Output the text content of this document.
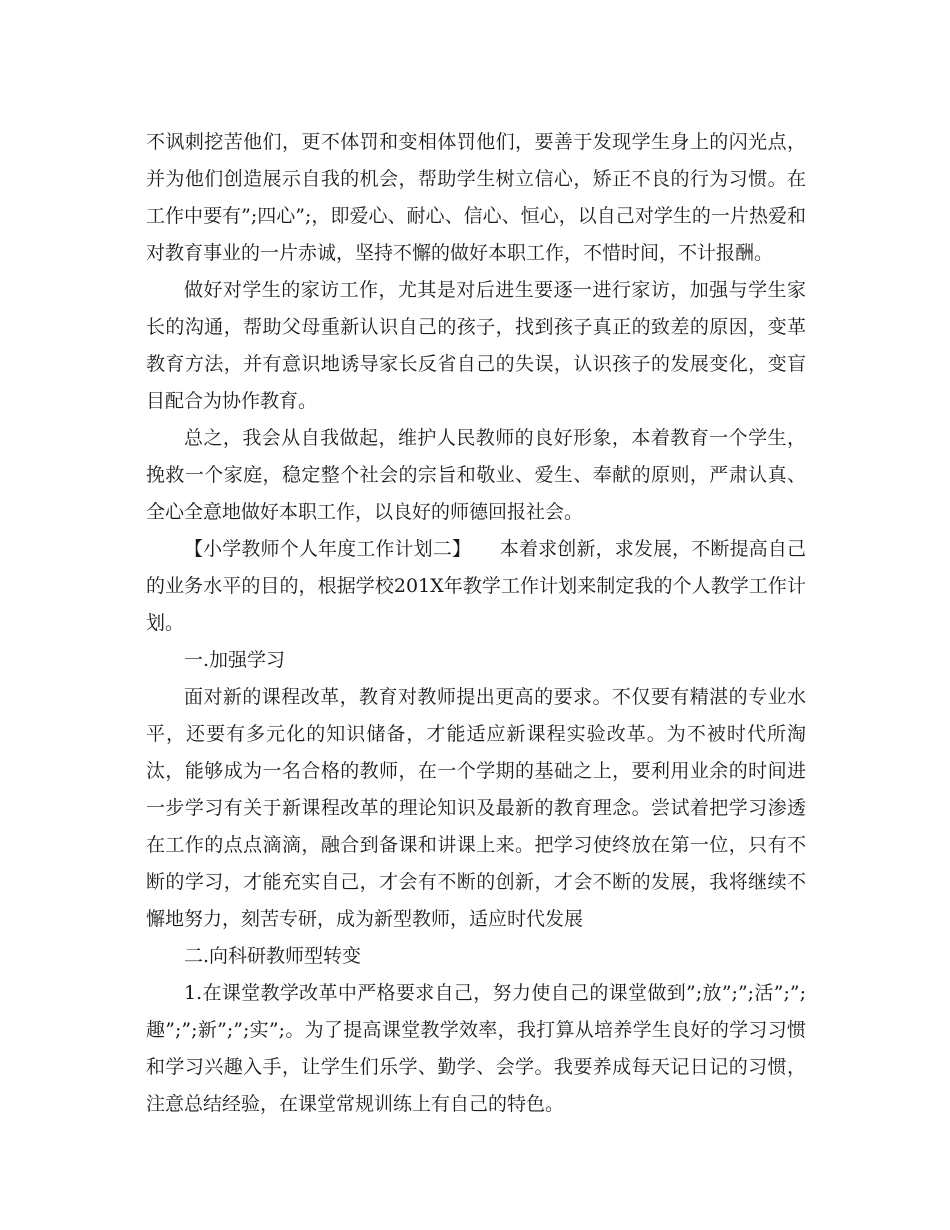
不讽刺挖苦他们，更不体罚和变相体罚他们，要善于发现学生身上的闪光点，并为他们创造展示自我的机会，帮助学生树立信心，矫正不良的行为习惯。在工作中要有”;四心”;，即爱心、耐心、信心、恒心，以自己对学生的一片热爱和对教育事业的一片赤诚，坚持不懈的做好本职工作，不惜时间，不计报酬。

做好对学生的家访工作，尤其是对后进生要逐一进行家访，加强与学生家长的沟通，帮助父母重新认识自己的孩子，找到孩子真正的致差的原因，变革教育方法，并有意识地诱导家长反省自己的失误，认识孩子的发展变化，变盲目配合为协作教育。

总之，我会从自我做起，维护人民教师的良好形象，本着教育一个学生，挽救一个家庭，稳定整个社会的宗旨和敬业、爱生、奉献的原则，严肃认真、全心全意地做好本职工作，以良好的师德回报社会。

【小学教师个人年度工作计划二】　　本着求创新，求发展，不断提高自己的业务水平的目的，根据学校201X年教学工作计划来制定我的个人教学工作计划。

一.加强学习

面对新的课程改革，教育对教师提出更高的要求。不仅要有精湛的专业水平，还要有多元化的知识储备，才能适应新课程实验改革。为不被时代所淘汰，能够成为一名合格的教师，在一个学期的基础之上，要利用业余的时间进一步学习有关于新课程改革的理论知识及最新的教育理念。尝试着把学习渗透在工作的点点滴滴，融合到备课和讲课上来。把学习使终放在第一位，只有不断的学习，才能充实自己，才会有不断的创新，才会不断的发展，我将继续不懈地努力，刻苦专研，成为新型教师，适应时代发展

二.向科研教师型转变

1.在课堂教学改革中严格要求自己，努力使自己的课堂做到”;放”;”;活”;”;趣”;”;新”;”;实”;。为了提高课堂教学效率，我打算从培养学生良好的学习习惯和学习兴趣入手，让学生们乐学、勤学、会学。我要养成每天记日记的习惯，注意总结经验，在课堂常规训练上有自己的特色。
